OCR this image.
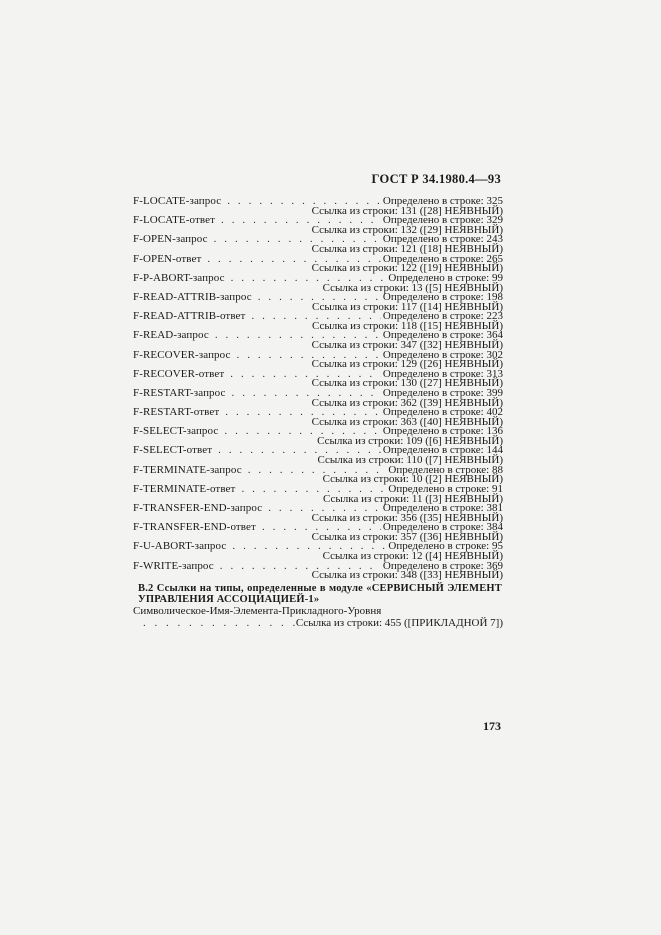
ГОСТ Р 34.1980.4—93
F-LOCATE-запрос . . .	Определено в строке: 325
Ссылка из строки: 131 ([28] НЕЯВНЫЙ)
F-LOCATE-ответ . . .	Определено в строке: 329
Ссылка из строки: 132 ([29] НЕЯВНЫЙ)
F-OPEN-запрос . . .	Определено в строке: 243
Ссылка из строки: 121 ([18] НЕЯВНЫЙ)
F-OPEN-ответ . . .	Определено в строке: 265
Ссылка из строки: 122 ([19] НЕЯВНЫЙ)
F-P-ABORT-запрос . . .	Определено в строке: 99
Ссылка из строки: 13 ([5] НЕЯВНЫЙ)
F-READ-ATTRIB-запрос . . .	Определено в строке: 198
Ссылка из строки: 117 ([14] НЕЯВНЫЙ)
F-READ-ATTRIB-ответ . . .	Определено в строке: 223
Ссылка из строки: 118 ([15] НЕЯВНЫЙ)
F-READ-запрос . . .	Определено в строке: 364
Ссылка из строки: 347 ([32] НЕЯВНЫЙ)
F-RECOVER-запрос . . .	Определено в строке: 302
Ссылка из строки: 129 ([26] НЕЯВНЫЙ)
F-RECOVER-ответ . . .	Определено в строке: 313
Ссылка из строки: 130 ([27] НЕЯВНЫЙ)
F-RESTART-запрос . . .	Определено в строке: 399
Ссылка из строки: 362 ([39] НЕЯВНЫЙ)
F-RESTART-ответ . . .	Определено в строке: 402
Ссылка из строки: 363 ([40] НЕЯВНЫЙ)
F-SELECT-запрос . . .	Определено в строке: 136
Ссылка из строки: 109 ([6] НЕЯВНЫЙ)
F-SELECT-ответ . . .	Определено в строке: 144
Ссылка из строки: 110 ([7] НЕЯВНЫЙ)
F-TERMINATE-запрос . . .	Определено в строке: 88
Ссылка из строки: 10 ([2] НЕЯВНЫЙ)
F-TERMINATE-ответ . . .	Определено в строке: 91
Ссылка из строки: 11 ([3] НЕЯВНЫЙ)
F-TRANSFER-END-запрос . . .	Определено в строке: 381
Ссылка из строки: 356 ([35] НЕЯВНЫЙ)
F-TRANSFER-END-ответ . . .	Определено в строке: 384
Ссылка из строки: 357 ([36] НЕЯВНЫЙ)
F-U-ABORT-запрос . . .	Определено в строке: 95
Ссылка из строки: 12 ([4] НЕЯВНЫЙ)
F-WRITE-запрос . . .	Определено в строке: 369
Ссылка из строки: 348 ([33] НЕЯВНЫЙ)
В.2 Ссылки на типы, определенные в модуле «СЕРВИСНЫЙ ЭЛЕМЕНТ
УПРАВЛЕНИЯ АССОЦИАЦИЕЙ-1»
Символическое-Имя-Элемента-Прикладного-Уровня
. . .
Ссылка из строки: 455 ([ПРИКЛАДНОЙ 7])
173
